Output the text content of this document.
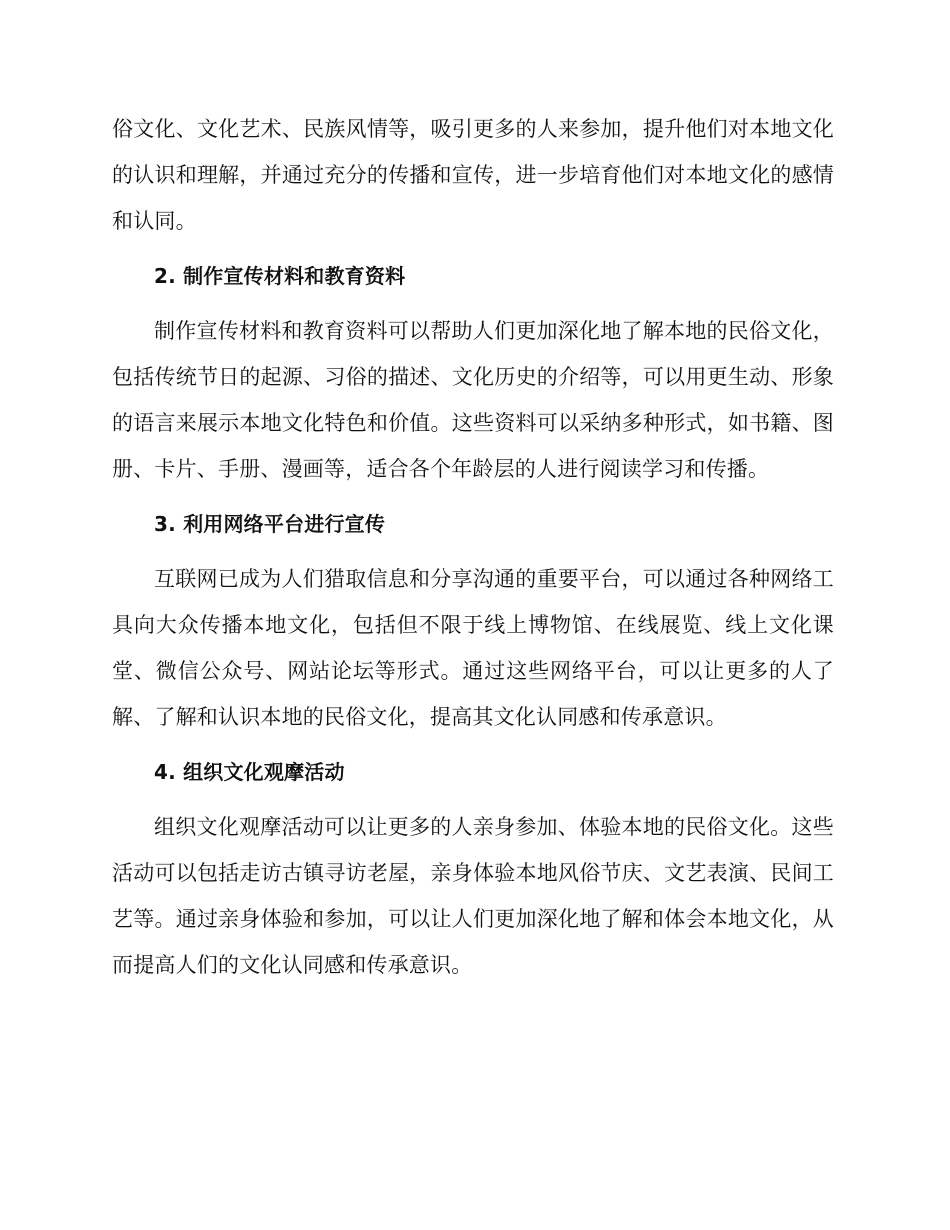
俗文化、文化艺术、民族风情等，吸引更多的人来参加，提升他们对本地文化的认识和理解，并通过充分的传播和宣传，进一步培育他们对本地文化的感情和认同。

2. 制作宣传材料和教育资料

制作宣传材料和教育资料可以帮助人们更加深化地了解本地的民俗文化，包括传统节日的起源、习俗的描述、文化历史的介绍等，可以用更生动、形象的语言来展示本地文化特色和价值。这些资料可以采纳多种形式，如书籍、图册、卡片、手册、漫画等，适合各个年龄层的人进行阅读学习和传播。

3. 利用网络平台进行宣传

互联网已成为人们猎取信息和分享沟通的重要平台，可以通过各种网络工具向大众传播本地文化，包括但不限于线上博物馆、在线展览、线上文化课堂、微信公众号、网站论坛等形式。通过这些网络平台，可以让更多的人了解、了解和认识本地的民俗文化，提高其文化认同感和传承意识。

4. 组织文化观摩活动

组织文化观摩活动可以让更多的人亲身参加、体验本地的民俗文化。这些活动可以包括走访古镇寻访老屋，亲身体验本地风俗节庆、文艺表演、民间工艺等。通过亲身体验和参加，可以让人们更加深化地了解和体会本地文化，从而提高人们的文化认同感和传承意识。
